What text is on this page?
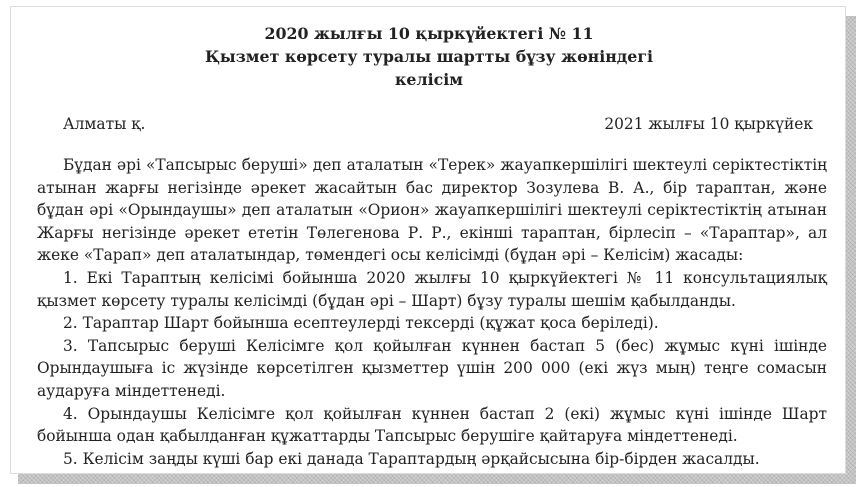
2020 жылғы 10 қыркүйектегі № 11
Қызмет көрсету туралы шартты бұзу жөніндегі
келісім
Алматы қ.	2021 жылғы 10 қыркүйек

Бұдан әрі «Тапсырыс беруші» деп аталатын «Терек» жауапкершілігі шектеулі серіктестіктің атынан жарғы негізінде әрекет жасайтын бас директор Зозулева В. А., бір тараптан, және бұдан әрі «Орындаушы» деп аталатын «Орион» жауапкершілігі шектеулі серіктестіктің атынан Жарғы негізінде әрекет ететін Төлегенова Р. Р., екінші тараптан, бірлесіп – «Тараптар», ал жеке «Тарап» деп аталатындар, төмендегі осы келісімді (бұдан әрі – Келісім) жасады:

1. Екі Тараптың келісімі бойынша 2020 жылғы 10 қыркүйектегі № 11 консультациялық қызмет көрсету туралы келісімді (бұдан әрі – Шарт) бұзу туралы шешім қабылданды.

2. Тараптар Шарт бойынша есептеулерді тексерді (құжат қоса беріледі).

3. Тапсырыс беруші Келісімге қол қойылған күннен бастап 5 (бес) жұмыс күні ішінде Орындаушыға іс жүзінде көрсетілген қызметтер үшін 200 000 (екі жүз мың) теңге сомасын аударуға міндеттенеді.

4. Орындаушы Келісімге қол қойылған күннен бастап 2 (екі) жұмыс күні ішінде Шарт бойынша одан қабылданған құжаттарды Тапсырыс берушіге қайтаруға міндеттенеді.

5. Келісім заңды күші бар екі данада Тараптардың әрқайсысына бір-бірден жасалды.
